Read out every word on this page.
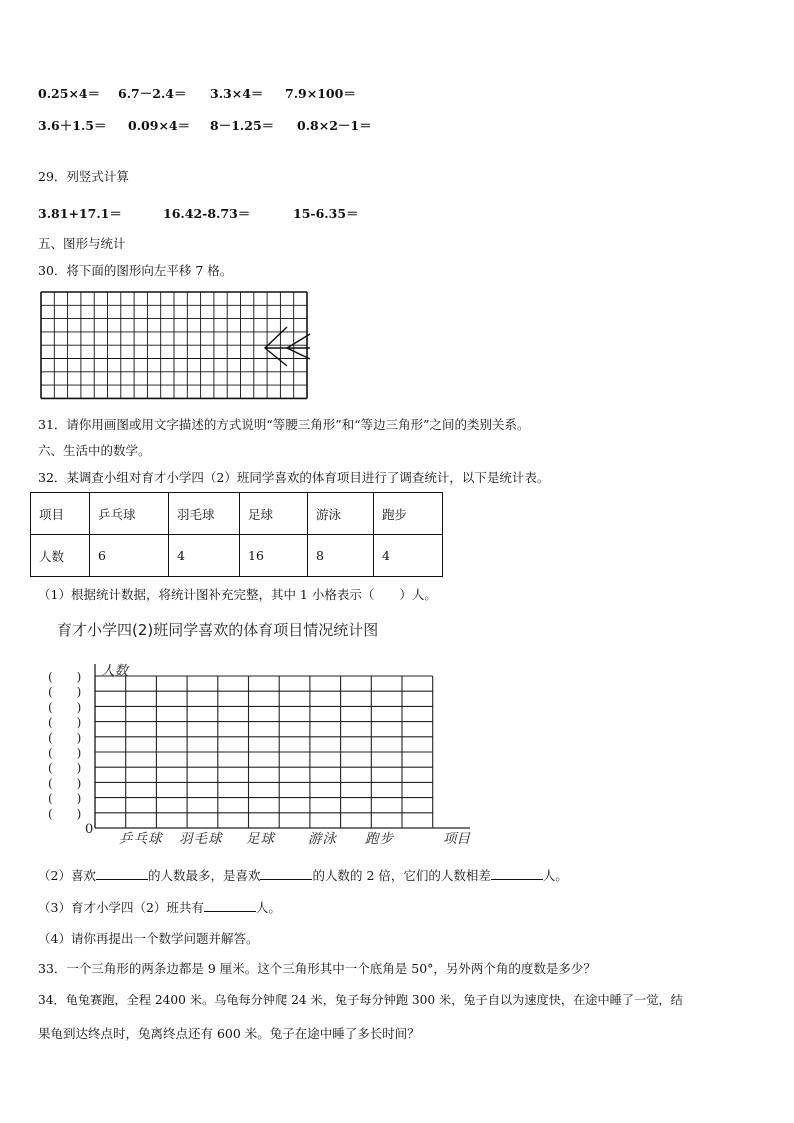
0.25×4＝ 6.7－2.4＝ 3.3×4＝ 7.9×100＝
3.6＋1.5＝ 0.09×4＝ 8－1.25＝ 0.8×2－1＝
29．列竖式计算
3.81+17.1＝	16.42-8.73＝	15-6.35＝
五、图形与统计
30．将下面的图形向左平移 7 格。
31．请你用画图或用文字描述的方式说明“等腰三角形”和“等边三角形”之间的类别关系。
六、生活中的数学。
32．某调查小组对育才小学四（2）班同学喜欢的体育项目进行了调查统计，以下是统计表。
项目	乒乓球	羽毛球	足球	游泳	跑步
人数	6	4	16	8	4
（1）根据统计数据，将统计图补充完整，其中 1 小格表示（　　）人。
育才小学四(2)班同学喜欢的体育项目情况统计图
人数
0
(　　)
(　　)
(　　)
(　　)
(　　)
(　　)
(　　)
(　　)
(　　)
(　　)
乒乓球 羽毛球 足球 游泳 跑步	项目
（2）喜欢	的人数最多，是喜欢	的人数的 2 倍，它们的人数相差	人。
（3）育才小学四（2）班共有	人。
（4）请你再提出一个数学问题并解答。
33．一个三角形的两条边都是 9 厘米。这个三角形其中一个底角是 50°，另外两个角的度数是多少？
34．龟兔赛跑，全程 2400 米。乌龟每分钟爬 24 米，兔子每分钟跑 300 米，兔子自以为速度快，在途中睡了一觉，结
果龟到达终点时，兔离终点还有 600 米。兔子在途中睡了多长时间？
